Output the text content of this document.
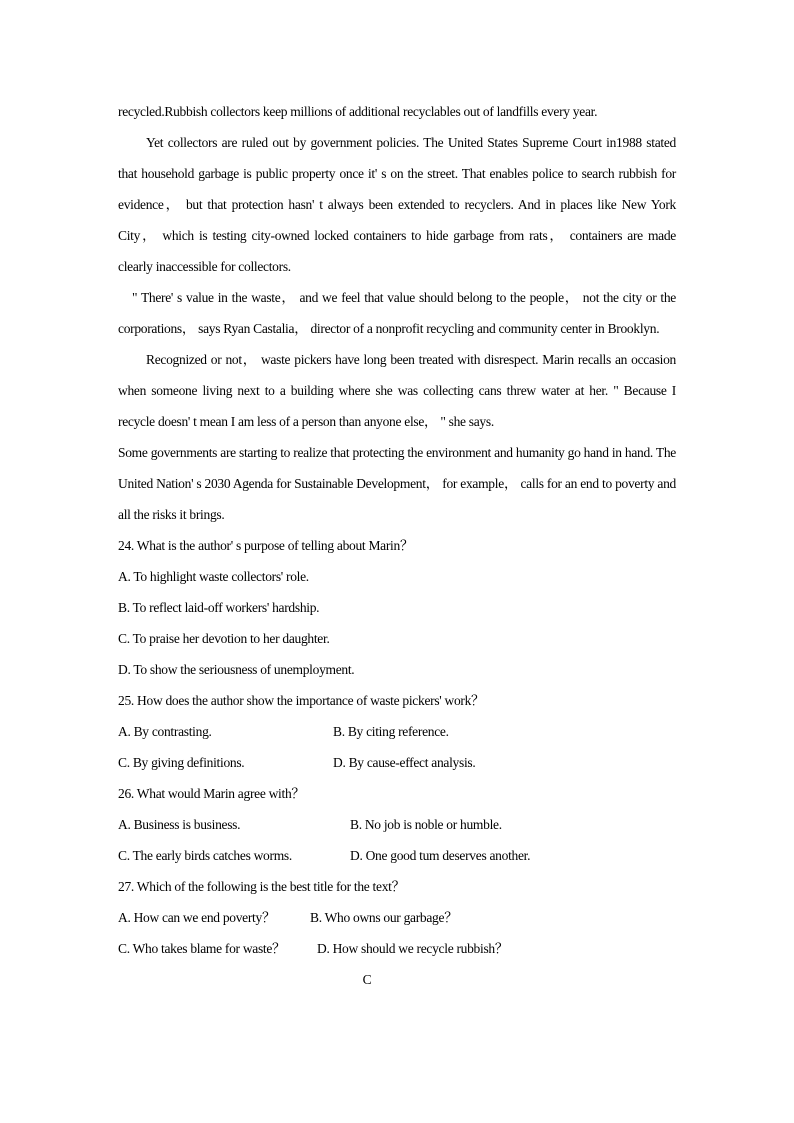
recycled.Rubbish collectors keep millions of additional recyclables out of landfills every year.

Yet collectors are ruled out by government policies. The United States Supreme Court in1988 stated that household garbage is public property once it' s on the street. That enables police to search rubbish for evidence， but that protection hasn' t always been extended to recyclers. And in places like New York City， which is testing city-owned locked containers to hide garbage from rats， containers are made clearly inaccessible for collectors.

" There' s value in the waste， and we feel that value should belong to the people， not the city or the corporations， says Ryan Castalia， director of a nonprofit recycling and community center in Brooklyn.

Recognized or not， waste pickers have long been treated with disrespect. Marin recalls an occasion when someone living next to a building where she was collecting cans threw water at her. " Because I recycle doesn' t mean I am less of a person than anyone else， " she says.

Some governments are starting to realize that protecting the environment and humanity go hand in hand. The United Nation' s 2030 Agenda for Sustainable Development， for example， calls for an end to poverty and all the risks it brings.

24. What is the author' s purpose of telling about Marin？

A. To highlight waste collectors' role.

B. To reflect laid-off workers' hardship.

C. To praise her devotion to her daughter.

D. To show the seriousness of unemployment.

25. How does the author show the importance of waste pickers' work？

A. By contrasting.	B. By citing reference.
C. By giving definitions.	D. By cause-effect analysis.

26. What would Marin agree with？

A. Business is business.	B. No job is noble or humble.
C. The early birds catches worms.	D. One good tum deserves another.

27. Which of the following is the best title for the text？

A. How can we end poverty？	B. Who owns our garbage？
C. Who takes blame for waste？	D. How should we recycle rubbish？

C
